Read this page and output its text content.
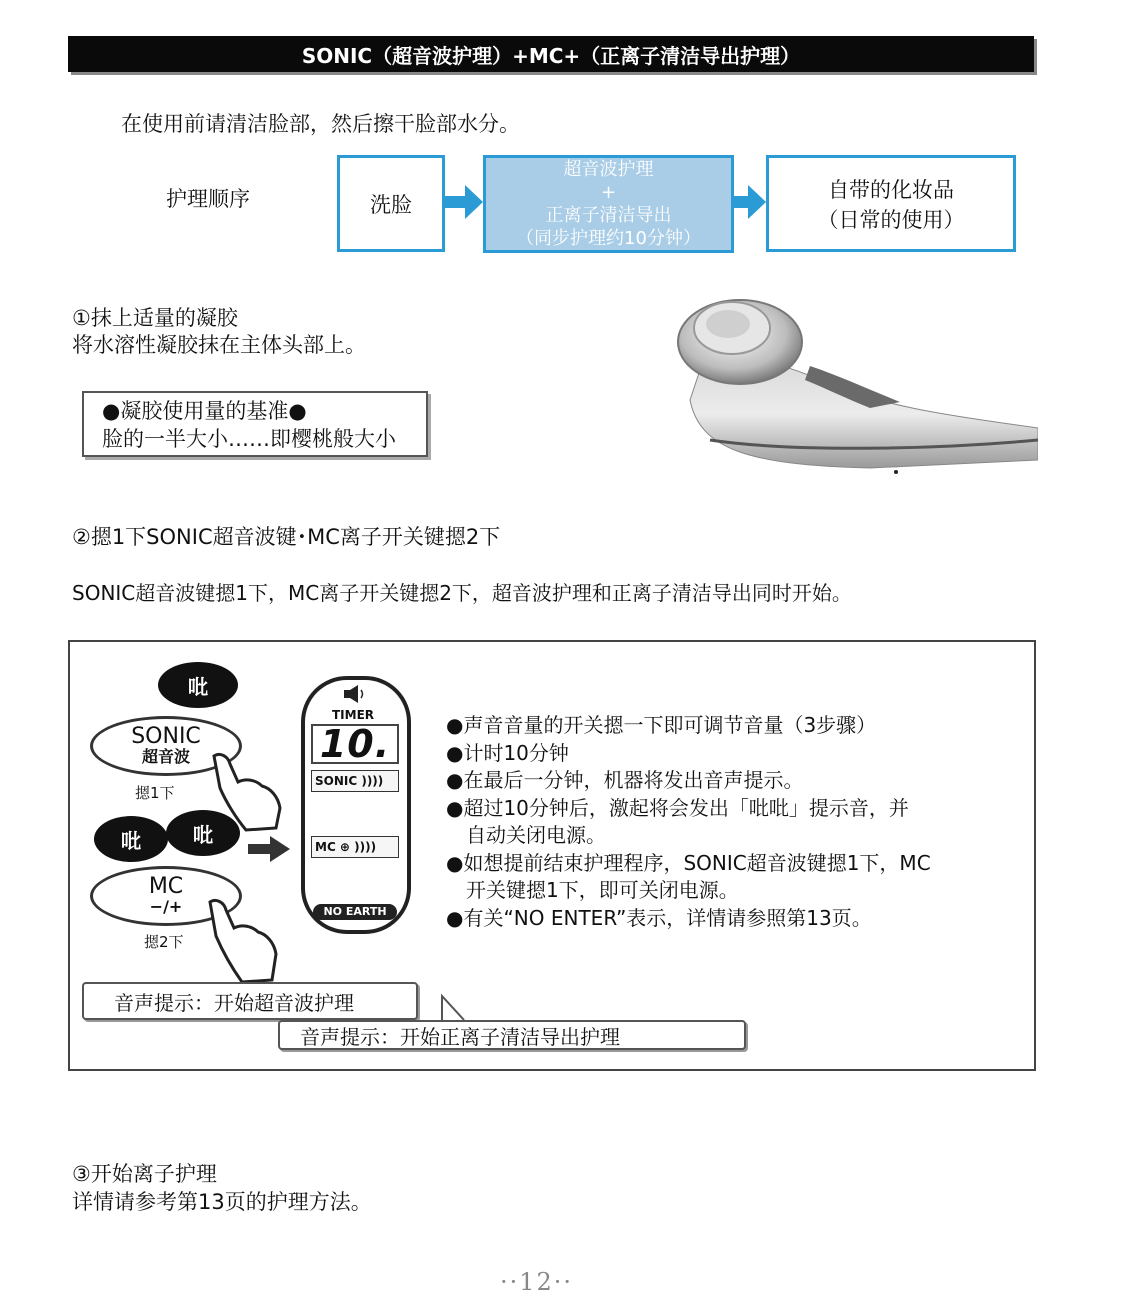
SONIC（超音波护理）+MC+（正离子清洁导出护理）
在使用前请清洁脸部，然后擦干脸部水分。
护理顺序	洗脸
超音波护理
+
正离子清洁导出
（同步护理约10分钟）
自带的化妆品
（日常的使用）
①抹上适量的凝胶
将水溶性凝胶抹在主体头部上。
●凝胶使用量的基准●
脸的一半大小……即樱桃般大小
②摁1下SONIC超音波键･MC离子开关键摁2下
SONIC超音波键摁1下，MC离子开关键摁2下，超音波护理和正离子清洁导出同时开始。
吡
SONIC
超音波
摁1下
吡	吡
MC
−/+
摁2下
TIMER
10.
SONIC ))))
MC ⊕ ))))
NO EARTH
●声音音量的开关摁一下即可调节音量（3步骤）
●计时10分钟
●在最后一分钟，机器将发出音声提示。
●超过10分钟后，激起将会发出「吡吡」提示音，并
　自动关闭电源。
●如想提前结束护理程序，SONIC超音波键摁1下，MC
　开关键摁1下，即可关闭电源。
●有关“NO ENTER”表示，详情请参照第13页。
音声提示：开始超音波护理
音声提示：开始正离子清洁导出护理
③开始离子护理
详情请参考第13页的护理方法。
··12··
